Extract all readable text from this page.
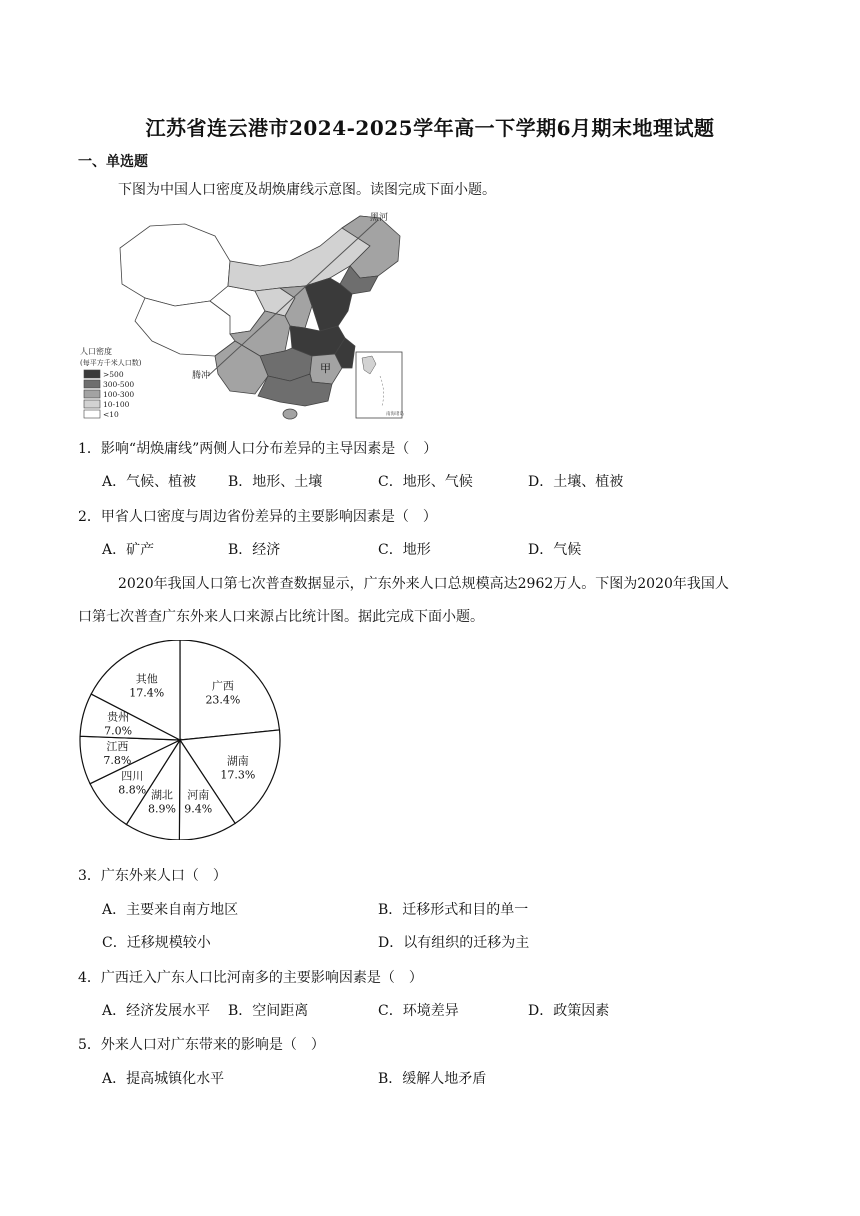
江苏省连云港市2024-2025学年高一下学期6月期末地理试题
一、单选题
下图为中国人口密度及胡焕庸线示意图。读图完成下面小题。
黑河
腾冲
甲
南海诸岛
人口密度
(每平方千米人口数)
>500
300-500
100-300
10-100
<10
1．影响“胡焕庸线”两侧人口分布差异的主导因素是（　）
A．气候、植被 B．地形、土壤	C．地形、气候	D．土壤、植被
2．甲省人口密度与周边省份差异的主要影响因素是（　）
A．矿产	B．经济	C．地形	D．气候
2020年我国人口第七次普查数据显示，广东外来人口总规模高达2962万人。下图为2020年我国人
口第七次普查广东外来人口来源占比统计图。据此完成下面小题。
广西
23.4%
湖南
17.3%
河南
9.4%
湖北
8.9%
四川
8.8%
江西
7.8%
贵州
7.0%
其他
17.4%
3．广东外来人口（　）
A．主要来自南方地区	B．迁移形式和目的单一
C．迁移规模较小	D．以有组织的迁移为主
4．广西迁入广东人口比河南多的主要影响因素是（　）
A．经济发展水平 B．空间距离	C．环境差异	D．政策因素
5．外来人口对广东带来的影响是（　）
A．提高城镇化水平	B．缓解人地矛盾
